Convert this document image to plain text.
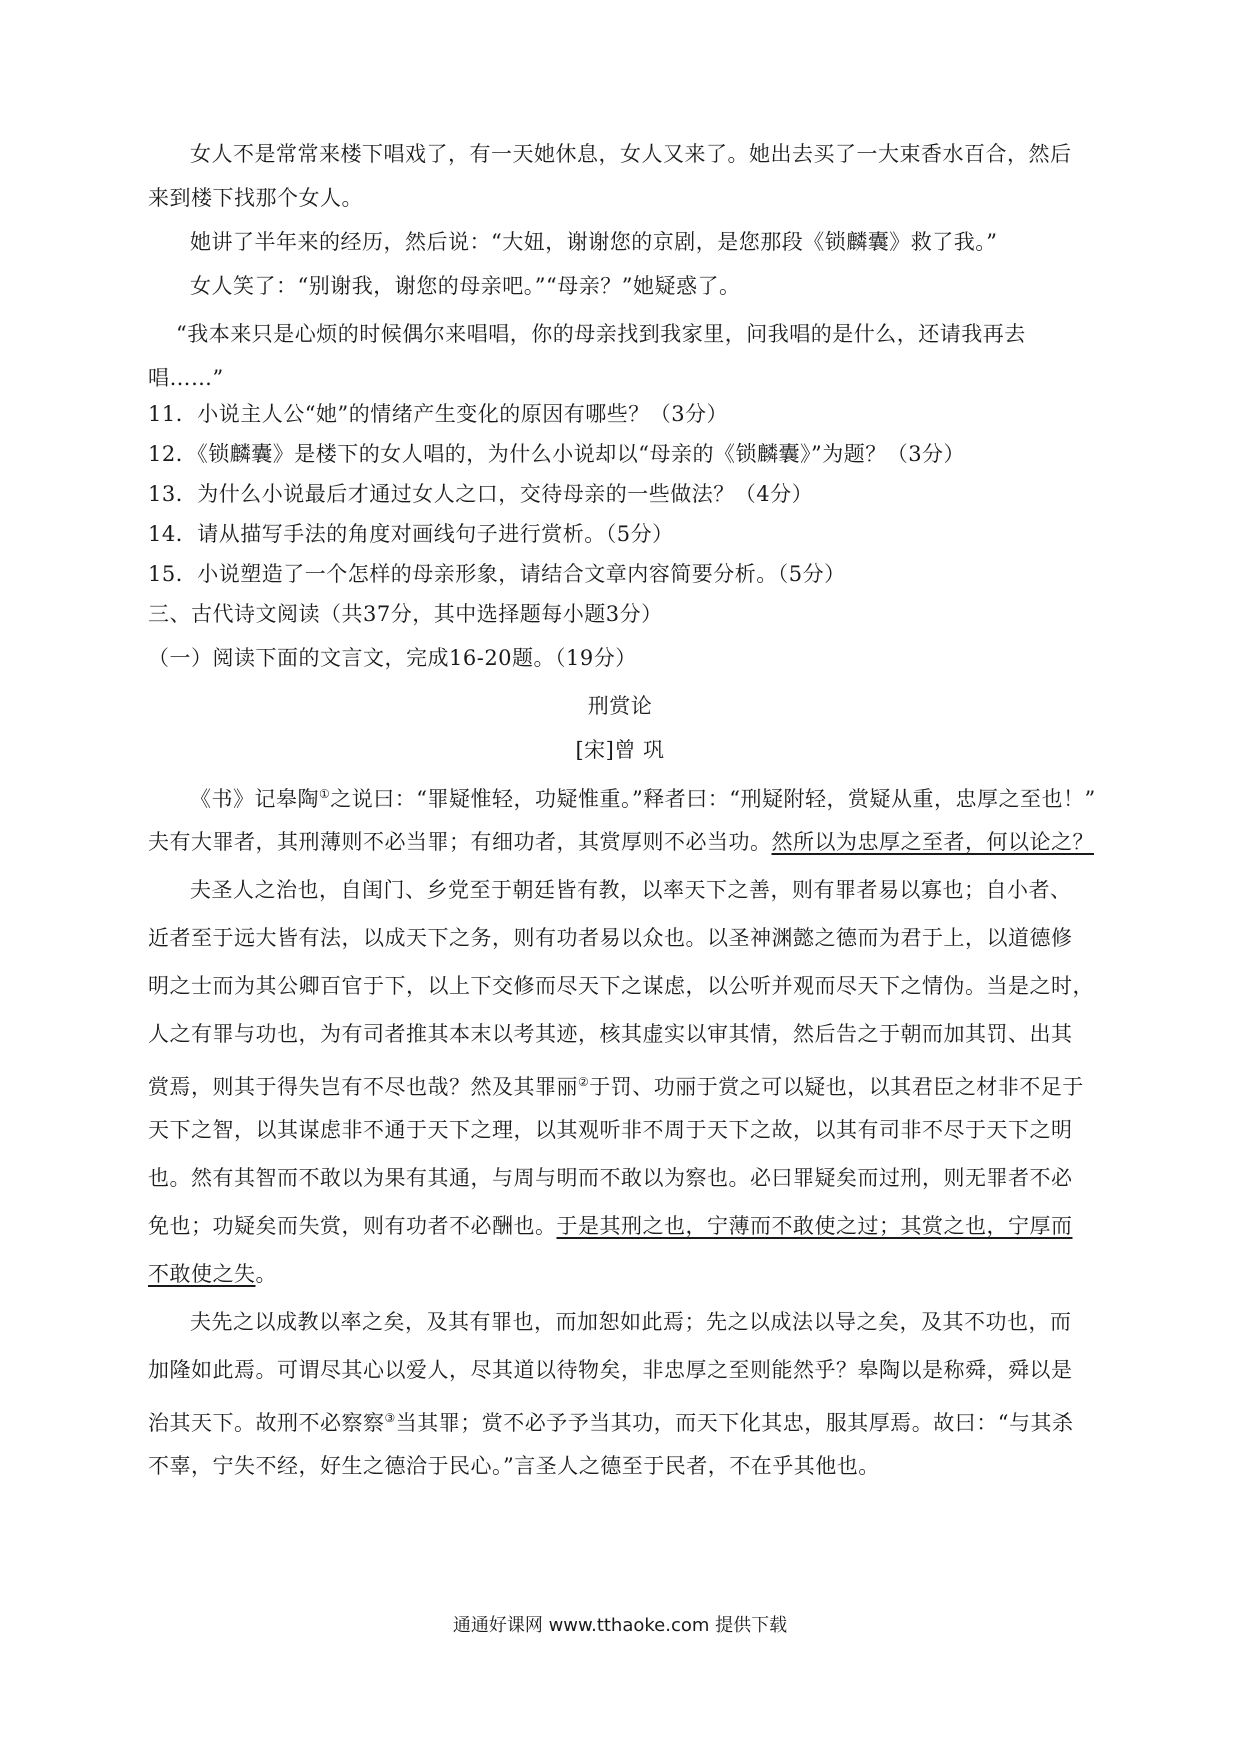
女人不是常常来楼下唱戏了，有一天她休息，女人又来了。她出去买了一大束香水百合，然后
来到楼下找那个女人。
她讲了半年来的经历，然后说：“大妞，谢谢您的京剧，是您那段《锁麟囊》救了我。”
女人笑了：“别谢我，谢您的母亲吧。”“母亲？”她疑惑了。
“我本来只是心烦的时候偶尔来唱唱，你的母亲找到我家里，问我唱的是什么，还请我再去
唱……”
11．小说主人公“她”的情绪产生变化的原因有哪些？（3分）
12．《锁麟囊》是楼下的女人唱的，为什么小说却以“母亲的《锁麟囊》”为题？（3分）
13．为什么小说最后才通过女人之口，交待母亲的一些做法？（4分）
14．请从描写手法的角度对画线句子进行赏析。（5分）
15．小说塑造了一个怎样的母亲形象，请结合文章内容简要分析。（5分）
三、古代诗文阅读（共37分，其中选择题每小题3分）
（一）阅读下面的文言文，完成16-20题。（19分）
刑赏论
[宋]曾 巩
《书》记皋陶①之说曰：“罪疑惟轻，功疑惟重。”释者曰：“刑疑附轻，赏疑从重，忠厚之至也！”
夫有大罪者，其刑薄则不必当罪；有细功者，其赏厚则不必当功。然所以为忠厚之至者，何以论之？
夫圣人之治也，自闺门、乡党至于朝廷皆有教，以率天下之善，则有罪者易以寡也；自小者、
近者至于远大皆有法，以成天下之务，则有功者易以众也。以圣神渊懿之德而为君于上，以道德修
明之士而为其公卿百官于下，以上下交修而尽天下之谋虑，以公听并观而尽天下之情伪。当是之时，
人之有罪与功也，为有司者推其本末以考其迹，核其虚实以审其情，然后告之于朝而加其罚、出其
赏焉，则其于得失岂有不尽也哉？然及其罪丽②于罚、功丽于赏之可以疑也，以其君臣之材非不足于
天下之智，以其谋虑非不通于天下之理，以其观听非不周于天下之故，以其有司非不尽于天下之明
也。然有其智而不敢以为果有其通，与周与明而不敢以为察也。必曰罪疑矣而过刑，则无罪者不必
免也；功疑矣而失赏，则有功者不必酬也。于是其刑之也，宁薄而不敢使之过；其赏之也，宁厚而
不敢使之失。
夫先之以成教以率之矣，及其有罪也，而加恕如此焉；先之以成法以导之矣，及其不功也，而
加隆如此焉。可谓尽其心以爱人，尽其道以待物矣，非忠厚之至则能然乎？皋陶以是称舜，舜以是
治其天下。故刑不必察察③当其罪；赏不必予予当其功，而天下化其忠，服其厚焉。故曰：“与其杀
不辜，宁失不经，好生之德洽于民心。”言圣人之德至于民者，不在乎其他也。
通通好课网 www.tthaoke.com 提供下载
